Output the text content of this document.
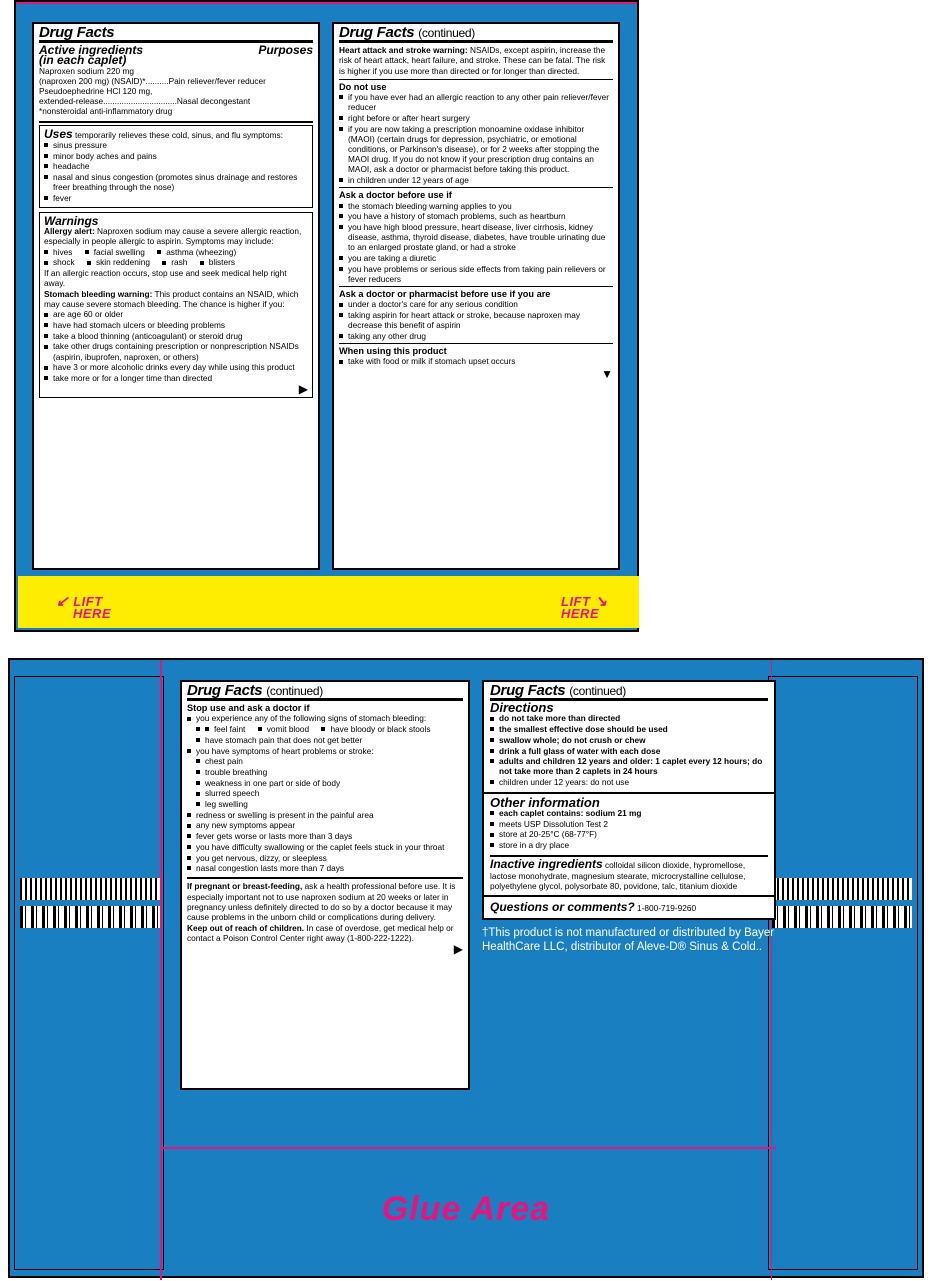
↙ LIFT
HERE
LIFT ↘
HERE
Drug Facts
Active ingredients
(in each caplet)
Purposes
Naproxen sodium 220 mg
(naproxen 200 mg) (NSAID)*..........Pain reliever/fever reducer
Pseudoephedrine HCl 120 mg,
extended-release................................Nasal decongestant
*nonsteroidal anti-inflammatory drug
Uses temporarily relieves these cold, sinus, and flu symptoms:
sinus pressure
minor body aches and pains
headache
nasal and sinus congestion (promotes sinus drainage and restores freer breathing through the nose)
fever
Warnings
Allergy alert: Naproxen sodium may cause a severe allergic reaction, especially in people allergic to aspirin. Symptoms may include:
hives	facial swelling	asthma (wheezing)
shock	skin reddening	rash	blisters
If an allergic reaction occurs, stop use and seek medical help right away.
Stomach bleeding warning: This product contains an NSAID, which may cause severe stomach bleeding. The chance is higher if you:
are age 60 or older
have had stomach ulcers or bleeding problems
take a blood thinning (anticoagulant) or steroid drug
take other drugs containing prescription or nonprescription NSAIDs (aspirin, ibuprofen, naproxen, or others)
have 3 or more alcoholic drinks every day while using this product
take more or for a longer time than directed
▶
Drug Facts (continued)
Heart attack and stroke warning: NSAIDs, except aspirin, increase the risk of heart attack, heart failure, and stroke. These can be fatal. The risk is higher if you use more than directed or for longer than directed.
Do not use
if you have ever had an allergic reaction to any other pain reliever/fever reducer
right before or after heart surgery
if you are now taking a prescription monoamine oxidase inhibitor (MAOI) (certain drugs for depression, psychiatric, or emotional conditions, or Parkinson's disease), or for 2 weeks after stopping the MAOI drug. If you do not know if your prescription drug contains an MAOI, ask a doctor or pharmacist before taking this product.
in children under 12 years of age
Ask a doctor before use if
the stomach bleeding warning applies to you
you have a history of stomach problems, such as heartburn
you have high blood pressure, heart disease, liver cirrhosis, kidney disease, asthma, thyroid disease, diabetes, have trouble urinating due to an enlarged prostate gland, or had a stroke
you are taking a diuretic
you have problems or serious side effects from taking pain relievers or fever reducers
Ask a doctor or pharmacist before use if you are
under a doctor's care for any serious condition
taking aspirin for heart attack or stroke, because naproxen may decrease this benefit of aspirin
taking any other drug
When using this product
take with food or milk if stomach upset occurs
▼
Glue Area
Drug Facts (continued)
Stop use and ask a doctor if
you experience any of the following signs of stomach bleeding:
feel faint	vomit blood	have bloody or black stools
have stomach pain that does not get better
you have symptoms of heart problems or stroke:
chest pain
trouble breathing
weakness in one part or side of body
slurred speech
leg swelling
redness or swelling is present in the painful area
any new symptoms appear
fever gets worse or lasts more than 3 days
you have difficulty swallowing or the caplet feels stuck in your throat
you get nervous, dizzy, or sleepless
nasal congestion lasts more than 7 days
If pregnant or breast-feeding, ask a health professional before use. It is especially important not to use naproxen sodium at 20 weeks or later in pregnancy unless definitely directed to do so by a doctor because it may cause problems in the unborn child or complications during delivery.
Keep out of reach of children. In case of overdose, get medical help or contact a Poison Control Center right away (1-800-222-1222).
▶
Drug Facts (continued)
Directions
do not take more than directed
the smallest effective dose should be used
swallow whole; do not crush or chew
drink a full glass of water with each dose
adults and children 12 years and older: 1 caplet every 12 hours; do not take more than 2 caplets in 24 hours
children under 12 years: do not use
Other information
each caplet contains: sodium 21 mg
meets USP Dissolution Test 2
store at 20-25°C (68-77°F)
store in a dry place
Inactive ingredients colloidal silicon dioxide, hypromellose, lactose monohydrate, magnesium stearate, microcrystalline cellulose, polyethylene glycol, polysorbate 80, povidone, talc, titanium dioxide
Questions or comments? 1-800-719-9260
†This product is not manufactured or distributed by Bayer HealthCare LLC, distributor of Aleve-D® Sinus & Cold..
